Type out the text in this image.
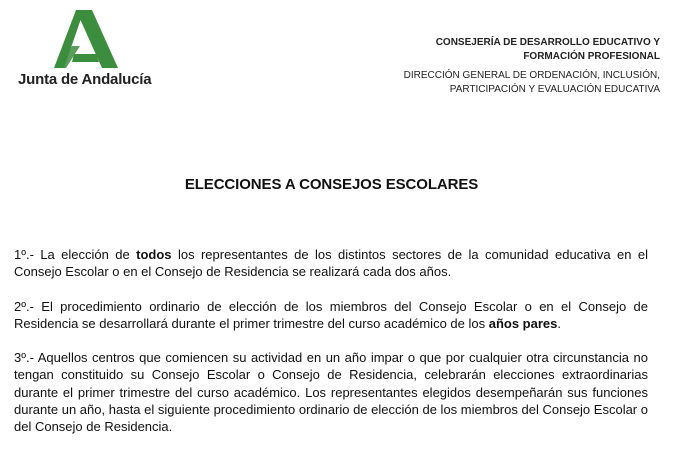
Junta de Andalucía
CONSEJERÍA DE DESARROLLO EDUCATIVO Y
FORMACIÓN PROFESIONAL
DIRECCIÓN GENERAL DE ORDENACIÓN, INCLUSIÓN,
PARTICIPACIÓN Y EVALUACIÓN EDUCATIVA
ELECCIONES A CONSEJOS ESCOLARES

1º.- La elección de todos los representantes de los distintos sectores de la comunidad educativa en el Consejo Escolar o en el Consejo de Residencia se realizará cada dos años.

2º.- El procedimiento ordinario de elección de los miembros del Consejo Escolar o en el Consejo de Residencia se desarrollará durante el primer trimestre del curso académico de los años pares.

3º.- Aquellos centros que comiencen su actividad en un año impar o que por cualquier otra circunstancia no tengan constituido su Consejo Escolar o Consejo de Residencia, celebrarán elecciones extraordinarias durante el primer trimestre del curso académico. Los representantes elegidos desempeñarán sus funciones durante un año, hasta el siguiente procedimiento ordinario de elección de los miembros del Consejo Escolar o del Consejo de Residencia.
